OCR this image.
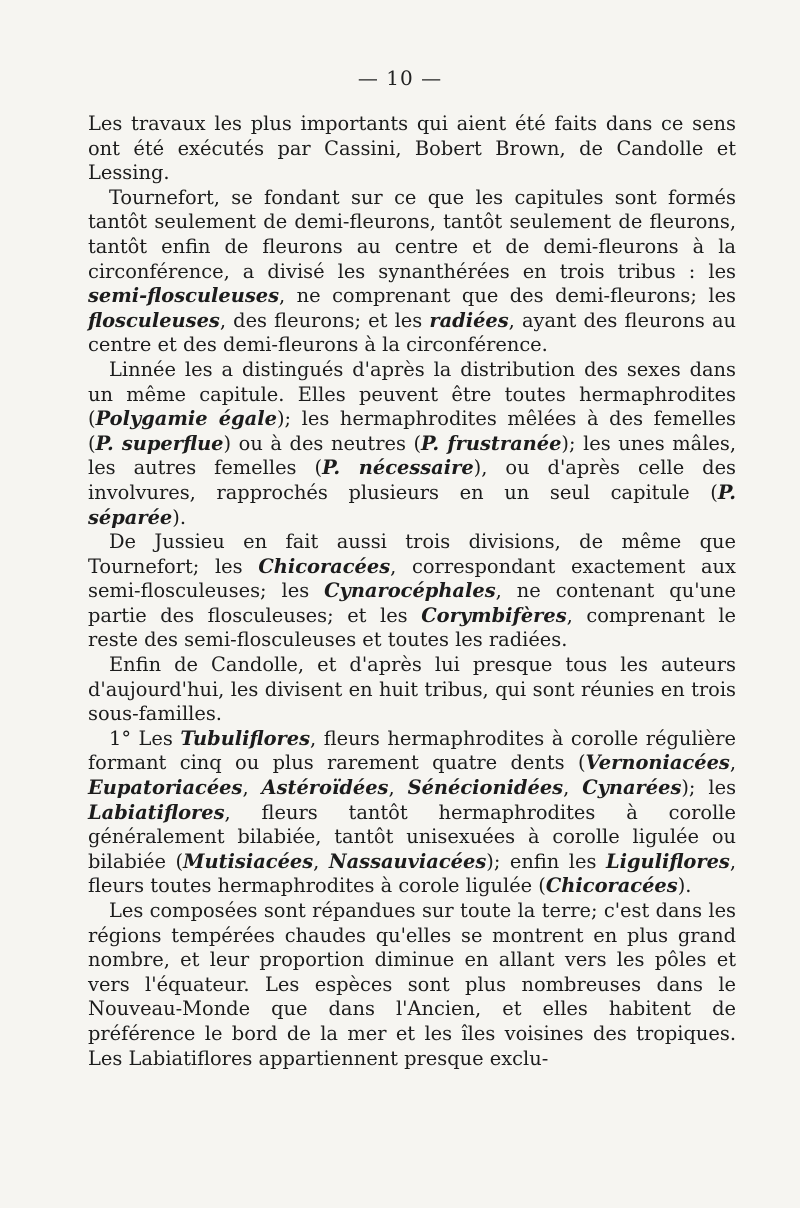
— 10 —

Les travaux les plus importants qui aient été faits dans ce sens ont été exécutés par Cassini, Bobert Brown, de Candolle et Lessing.

Tournefort, se fondant sur ce que les capitules sont formés tantôt seulement de demi-fleurons, tantôt seulement de fleurons, tantôt enfin de fleurons au centre et de demi-fleurons à la circonférence, a divisé les synanthérées en trois tribus : les semi-flosculeuses, ne comprenant que des demi-fleurons; les flosculeuses, des fleurons; et les radiées, ayant des fleurons au centre et des demi-fleurons à la circonférence.

Linnée les a distingués d'après la distribution des sexes dans un même capitule. Elles peuvent être toutes hermaphrodites (Polygamie égale); les hermaphrodites mêlées à des femelles (P. superflue) ou à des neutres (P. frustranée); les unes mâles, les autres femelles (P. nécessaire), ou d'après celle des involvures, rapprochés plusieurs en un seul capitule (P. séparée).

De Jussieu en fait aussi trois divisions, de même que Tournefort; les Chicoracées, correspondant exactement aux semi-flosculeuses; les Cynarocéphales, ne contenant qu'une partie des flosculeuses; et les Corymbifères, comprenant le reste des semi-flosculeuses et toutes les radiées.

Enfin de Candolle, et d'après lui presque tous les auteurs d'aujourd'hui, les divisent en huit tribus, qui sont réunies en trois sous-familles.

1° Les Tubuliflores, fleurs hermaphrodites à corolle régulière formant cinq ou plus rarement quatre dents (Vernoniacées, Eupatoriacées, Astéroïdées, Sénécionidées, Cynarées); les Labiatiflores, fleurs tantôt hermaphrodites à corolle généralement bilabiée, tantôt unisexuées à corolle ligulée ou bilabiée (Mutisiacées, Nassauviacées); enfin les Liguliflores, fleurs toutes hermaphrodites à corole ligulée (Chicoracées).

Les composées sont répandues sur toute la terre; c'est dans les régions tempérées chaudes qu'elles se montrent en plus grand nombre, et leur proportion diminue en allant vers les pôles et vers l'équateur. Les espèces sont plus nombreuses dans le Nouveau-Monde que dans l'Ancien, et elles habitent de préférence le bord de la mer et les îles voisines des tropiques. Les Labiatiflores appartiennent presque exclu-
